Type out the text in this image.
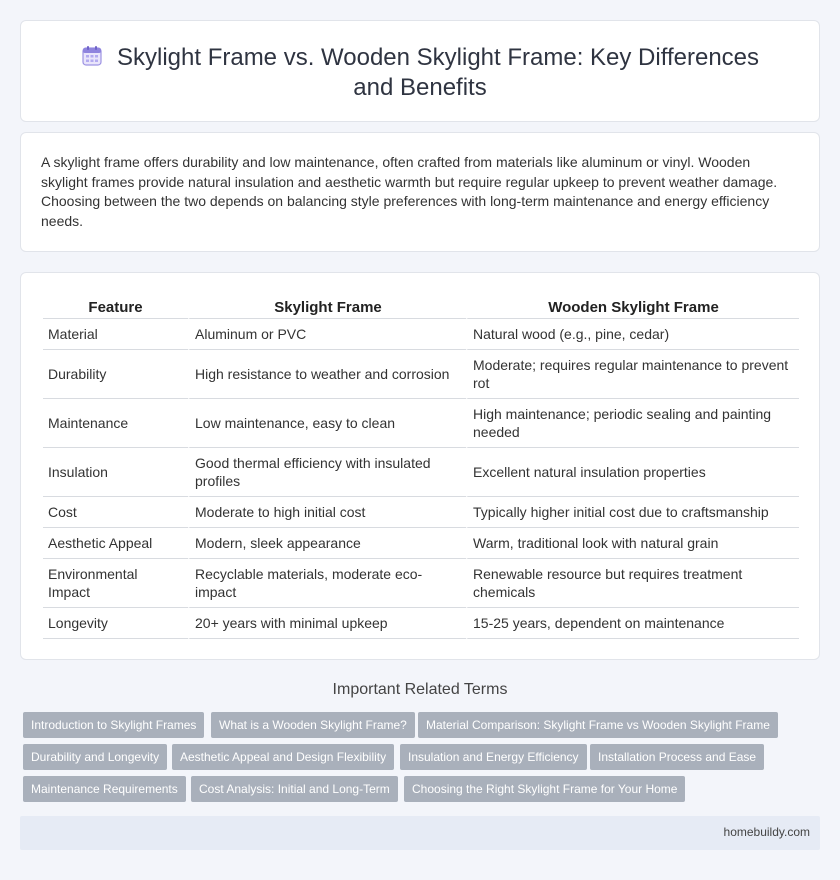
Skylight Frame vs. Wooden Skylight Frame: Key Differences and Benefits

A skylight frame offers durability and low maintenance, often crafted from materials like aluminum or vinyl. Wooden skylight frames provide natural insulation and aesthetic warmth but require regular upkeep to prevent weather damage. Choosing between the two depends on balancing style preferences with long-term maintenance and energy efficiency needs.

Feature	Skylight Frame	Wooden Skylight Frame
Material	Aluminum or PVC	Natural wood (e.g., pine, cedar)
Durability	High resistance to weather and corrosion	Moderate; requires regular maintenance to prevent rot
Maintenance	Low maintenance, easy to clean	High maintenance; periodic sealing and painting needed
Insulation	Good thermal efficiency with insulated profiles	Excellent natural insulation properties
Cost	Moderate to high initial cost	Typically higher initial cost due to craftsmanship
Aesthetic Appeal	Modern, sleek appearance	Warm, traditional look with natural grain
Environmental Impact	Recyclable materials, moderate eco-impact	Renewable resource but requires treatment chemicals
Longevity	20+ years with minimal upkeep	15-25 years, dependent on maintenance
Important Related Terms
Introduction to Skylight Frames	What is a Wooden Skylight Frame?	Material Comparison: Skylight Frame vs Wooden Skylight Frame
Durability and Longevity	Aesthetic Appeal and Design Flexibility	Insulation and Energy Efficiency	Installation Process and Ease
Maintenance Requirements	Cost Analysis: Initial and Long-Term	Choosing the Right Skylight Frame for Your Home
homebuildy.com
